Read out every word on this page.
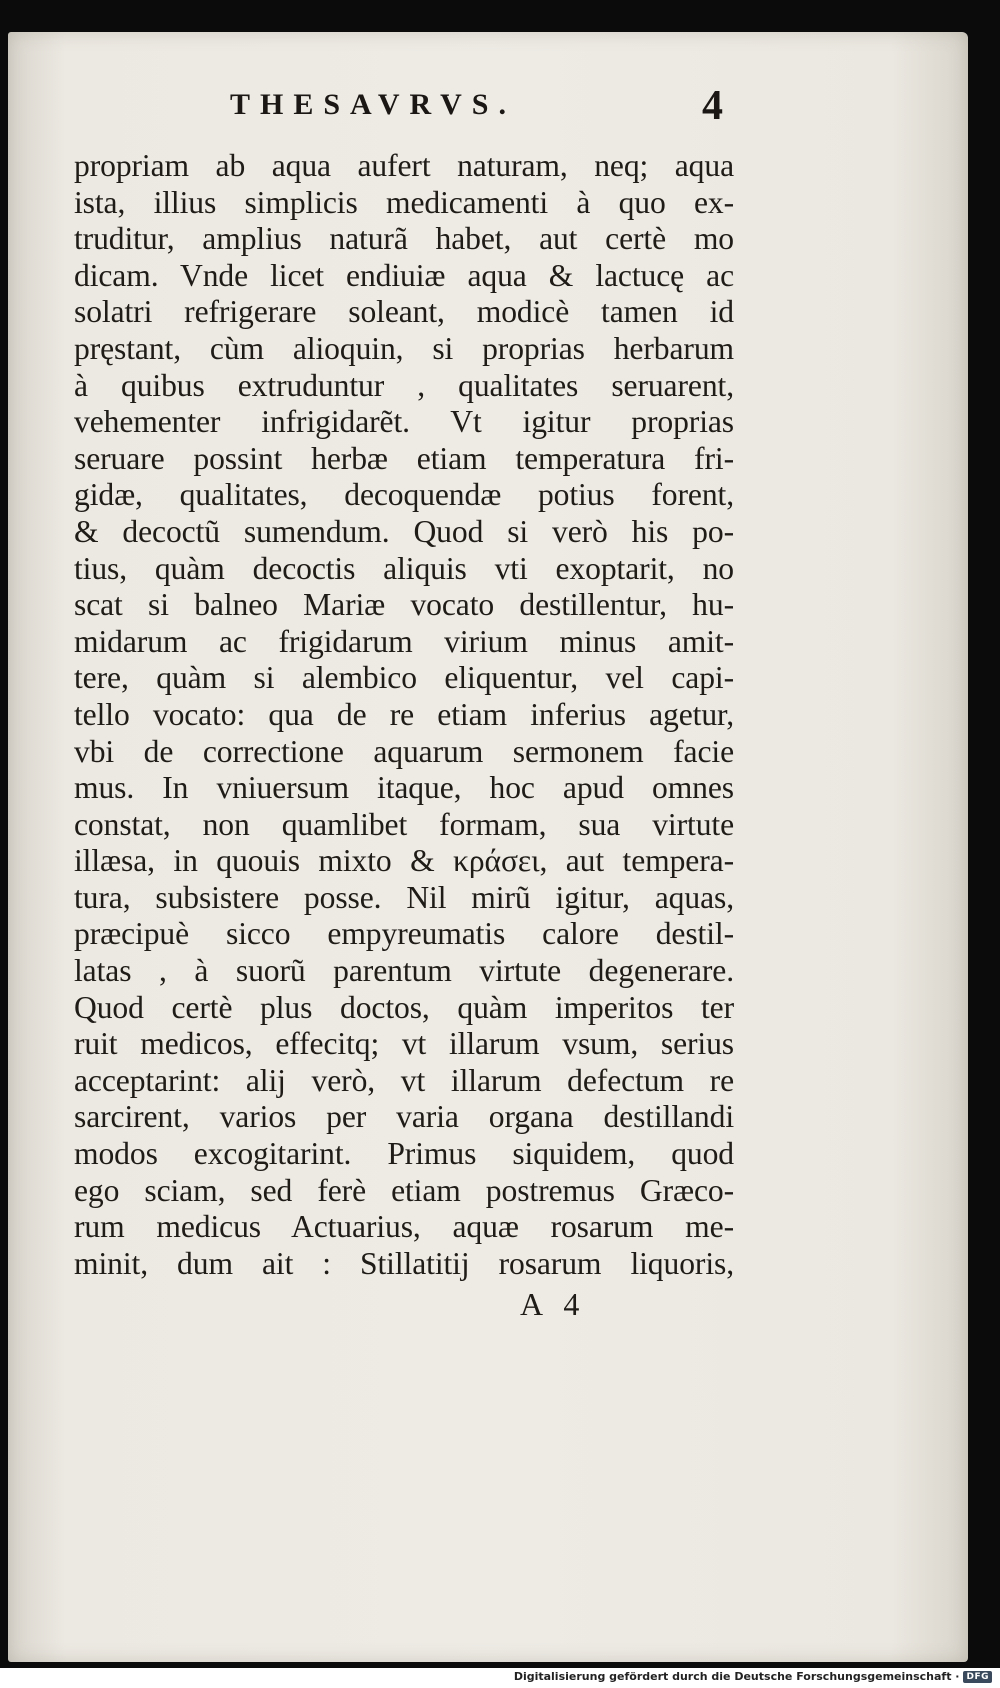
THESAVRVS.	4
propriam ab aqua aufert naturam, neq; aqua
ista, illius simplicis medicamenti à quo ex-
truditur, amplius naturã habet, aut certè mo
dicam. Vnde licet endiuiæ aqua & lactucę ac
solatri refrigerare soleant, modicè tamen id
pręstant, cùm alioquin, si proprias herbarum
à quibus extruduntur , qualitates seruarent,
vehementer infrigidarẽt. Vt igitur proprias
seruare possint herbæ etiam temperatura fri-
gidæ, qualitates, decoquendæ potius forent,
& decoctũ sumendum. Quod si verò his po-
tius, quàm decoctis aliquis vti exoptarit, no
scat si balneo Mariæ vocato destillentur, hu-
midarum ac frigidarum virium minus amit-
tere, quàm si alembico eliquentur, vel capi-
tello vocato: qua de re etiam inferius agetur,
vbi de correctione aquarum sermonem facie
mus. In vniuersum itaque, hoc apud omnes
constat, non quamlibet formam, sua virtute
illæsa, in quouis mixto & κράσει, aut tempera-
tura, subsistere posse. Nil mirũ igitur, aquas,
præcipuè sicco empyreumatis calore destil-
latas , à suorũ parentum virtute degenerare.
Quod certè plus doctos, quàm imperitos ter
ruit medicos, effecitq; vt illarum vsum, serius
acceptarint: alij verò, vt illarum defectum re
sarcirent, varios per varia organa destillandi
modos excogitarint. Primus siquidem, quod
ego sciam, sed ferè etiam postremus Græco-
rum medicus Actuarius, aquæ rosarum me-
minit, dum ait : Stillatitij rosarum liquoris,
A 4
Digitalisierung gefördert durch die Deutsche Forschungsgemeinschaft · DFG
